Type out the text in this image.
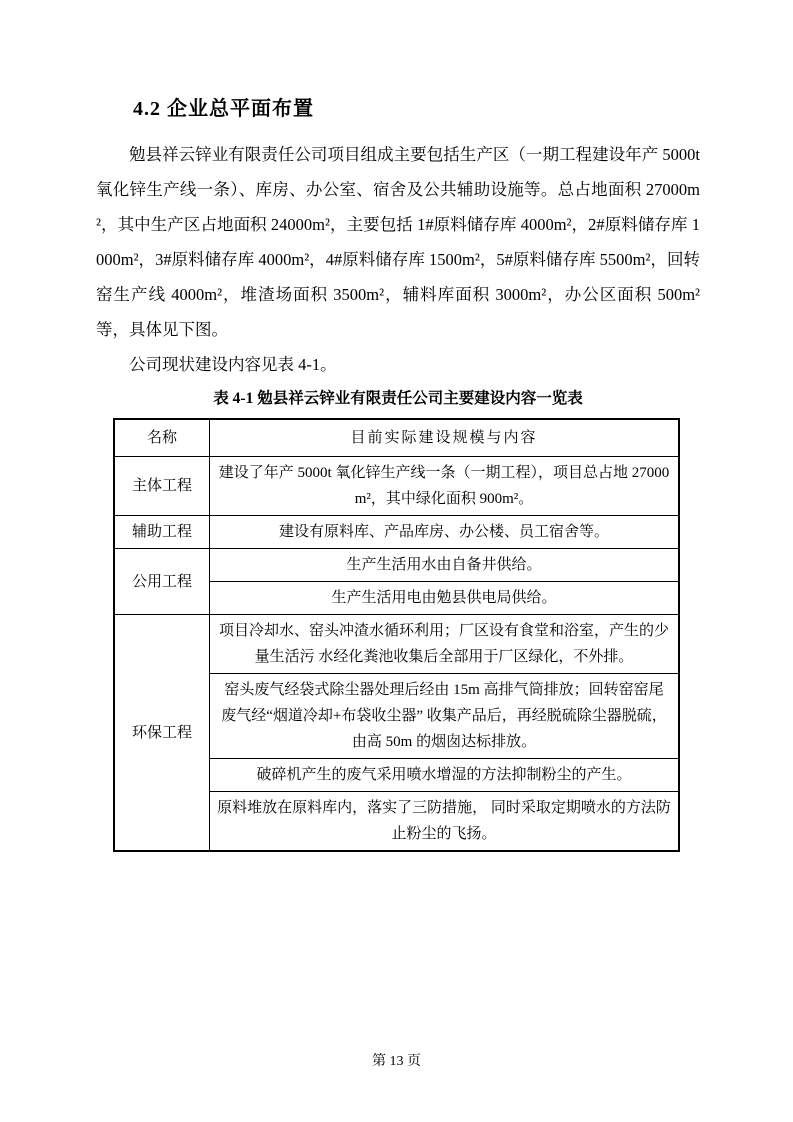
4.2 企业总平面布置

勉县祥云锌业有限责任公司项目组成主要包括生产区（一期工程建设年产 5000t 氧化锌生产线一条）、库房、办公室、宿舍及公共辅助设施等。总占地面积 27000m²，其中生产区占地面积 24000m²，主要包括 1#原料储存库 4000m²，2#原料储存库 1000m²，3#原料储存库 4000m²，4#原料储存库 1500m²，5#原料储存库 5500m²，回转窑生产线 4000m²，堆渣场面积 3500m²，辅料库面积 3000m²，办公区面积 500m²等，具体见下图。

公司现状建设内容见表 4-1。

表 4-1 勉县祥云锌业有限责任公司主要建设内容一览表
名称	目前实际建设规模与内容
主体工程	建设了年产 5000t 氧化锌生产线一条（一期工程），项目总占地 27000m²，其中绿化面积 900m²。
辅助工程	建设有原料库、产品库房、办公楼、员工宿舍等。
公用工程	生产生活用水由自备井供给。
	生产生活用电由勉县供电局供给。
环保工程	项目冷却水、窑头冲渣水循环利用；厂区设有食堂和浴室，产生的少量生活污 水经化粪池收集后全部用于厂区绿化，不外排。
	窑头废气经袋式除尘器处理后经由 15m 高排气筒排放；回转窑窑尾废气经“烟道冷却+布袋收尘器” 收集产品后，再经脱硫除尘器脱硫，由高 50m 的烟囱达标排放。
	破碎机产生的废气采用喷水增湿的方法抑制粉尘的产生。
	原料堆放在原料库内，落实了三防措施， 同时采取定期喷水的方法防止粉尘的飞扬。
第 13 页
